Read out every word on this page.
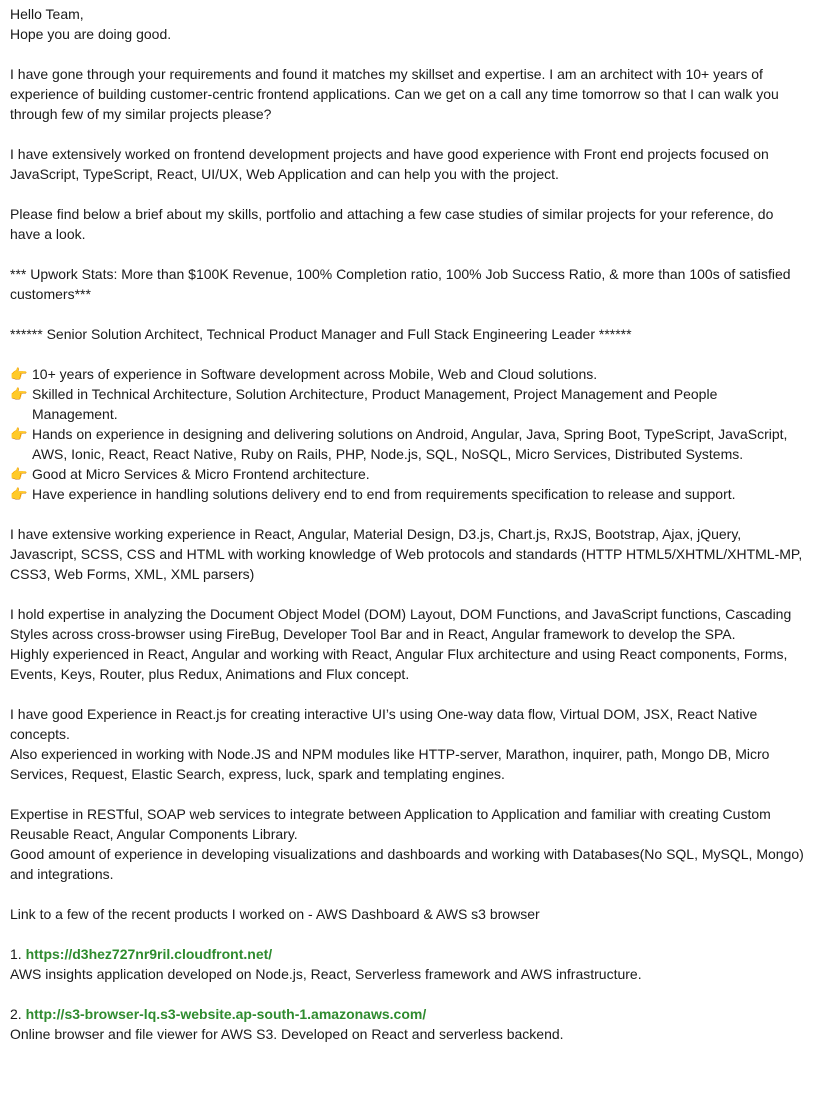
Hello Team,
Hope you are doing good.
I have gone through your requirements and found it matches my skillset and expertise. I am an architect with 10+ years of experience of building customer-centric frontend applications. Can we get on a call any time tomorrow so that I can walk you through few of my similar projects please?
I have extensively worked on frontend development projects and have good experience with Front end projects focused on JavaScript, TypeScript, React, UI/UX, Web Application and can help you with the project.
Please find below a brief about my skills, portfolio and attaching a few case studies of similar projects for your reference, do have a look.
*** Upwork Stats: More than $100K Revenue, 100% Completion ratio, 100% Job Success Ratio, & more than 100s of satisfied customers***
****** Senior Solution Architect, Technical Product Manager and Full Stack Engineering Leader ******
👉 10+ years of experience in Software development across Mobile, Web and Cloud solutions.
👉 Skilled in Technical Architecture, Solution Architecture, Product Management, Project Management and People Management.
👉 Hands on experience in designing and delivering solutions on Android, Angular, Java, Spring Boot, TypeScript, JavaScript, AWS, Ionic, React, React Native, Ruby on Rails, PHP, Node.js, SQL, NoSQL, Micro Services, Distributed Systems.
👉 Good at Micro Services & Micro Frontend architecture.
👉 Have experience in handling solutions delivery end to end from requirements specification to release and support.
I have extensive working experience in React, Angular, Material Design, D3.js, Chart.js, RxJS, Bootstrap, Ajax, jQuery, Javascript, SCSS, CSS and HTML with working knowledge of Web protocols and standards (HTTP HTML5/XHTML/XHTML-MP, CSS3, Web Forms, XML, XML parsers)
I hold expertise in analyzing the Document Object Model (DOM) Layout, DOM Functions, and JavaScript functions, Cascading Styles across cross-browser using FireBug, Developer Tool Bar and in React, Angular framework to develop the SPA.
Highly experienced in React, Angular and working with React, Angular Flux architecture and using React components, Forms, Events, Keys, Router, plus Redux, Animations and Flux concept.
I have good Experience in React.js for creating interactive UI’s using One-way data flow, Virtual DOM, JSX, React Native concepts.
Also experienced in working with Node.JS and NPM modules like HTTP-server, Marathon, inquirer, path, Mongo DB, Micro Services, Request, Elastic Search, express, luck, spark and templating engines.
Expertise in RESTful, SOAP web services to integrate between Application to Application and familiar with creating Custom Reusable React, Angular Components Library.
Good amount of experience in developing visualizations and dashboards and working with Databases(No SQL, MySQL, Mongo) and integrations.
Link to a few of the recent products I worked on - AWS Dashboard & AWS s3 browser
1. https://d3hez727nr9ril.cloudfront.net/
AWS insights application developed on Node.js, React, Serverless framework and AWS infrastructure.
2. http://s3-browser-lq.s3-website.ap-south-1.amazonaws.com/
Online browser and file viewer for AWS S3. Developed on React and serverless backend.
